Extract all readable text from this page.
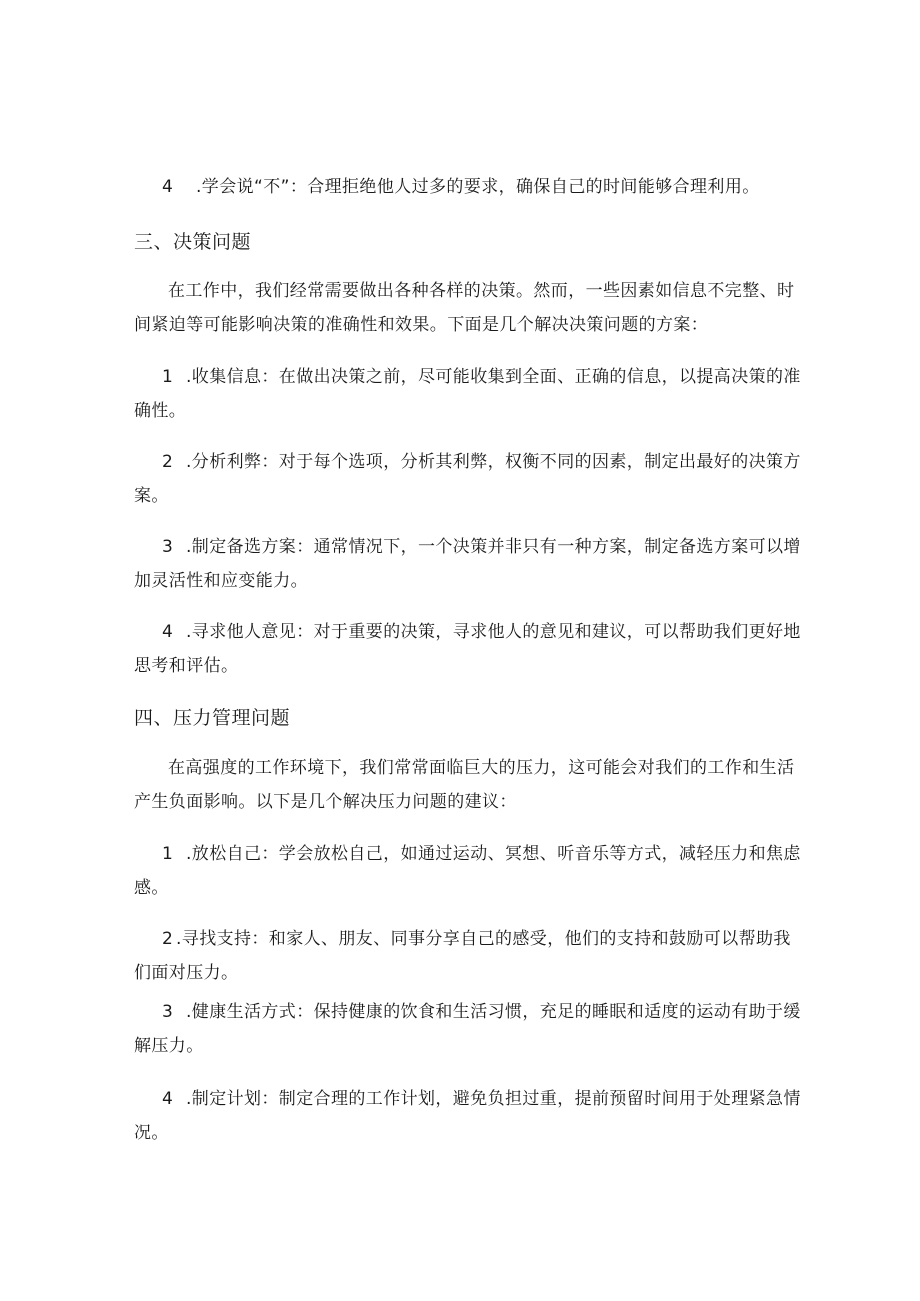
4 .学会说“不”：合理拒绝他人过多的要求，确保自己的时间能够合理利用。

三、决策问题

在工作中，我们经常需要做出各种各样的决策。然而，一些因素如信息不完整、时间紧迫等可能影响决策的准确性和效果。下面是几个解决决策问题的方案：

1 .收集信息：在做出决策之前，尽可能收集到全面、正确的信息，以提高决策的准确性。

2 .分析利弊：对于每个选项，分析其利弊，权衡不同的因素，制定出最好的决策方案。

3 .制定备选方案：通常情况下，一个决策并非只有一种方案，制定备选方案可以增加灵活性和应变能力。

4 .寻求他人意见：对于重要的决策，寻求他人的意见和建议，可以帮助我们更好地思考和评估。

四、压力管理问题

在高强度的工作环境下，我们常常面临巨大的压力，这可能会对我们的工作和生活产生负面影响。以下是几个解决压力问题的建议：

1 .放松自己：学会放松自己，如通过运动、冥想、听音乐等方式，减轻压力和焦虑感。

2 .寻找支持：和家人、朋友、同事分享自己的感受，他们的支持和鼓励可以帮助我们面对压力。

3 .健康生活方式：保持健康的饮食和生活习惯，充足的睡眠和适度的运动有助于缓解压力。

4 .制定计划：制定合理的工作计划，避免负担过重，提前预留时间用于处理紧急情况。
